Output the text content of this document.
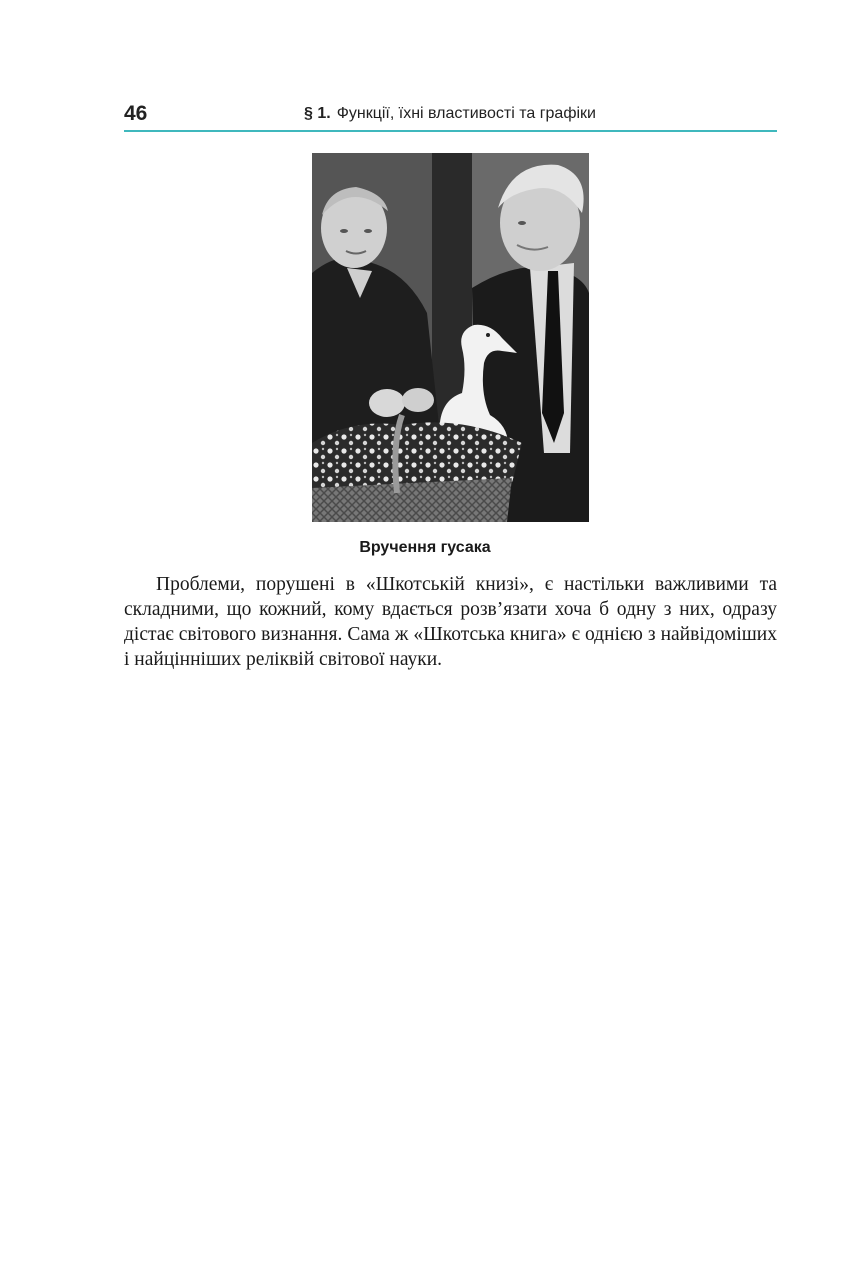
46	§ 1. Функції, їхні властивості та графіки
Вручення гусака

Проблеми, порушені в «Шкотській книзі», є настільки важливими та складними, що кожний, кому вдається розв’язати хоча б одну з них, одразу дістає світового визнання. Сама ж «Шкотська книга» є однією з найвідоміших і найцінніших реліквій світової науки.
